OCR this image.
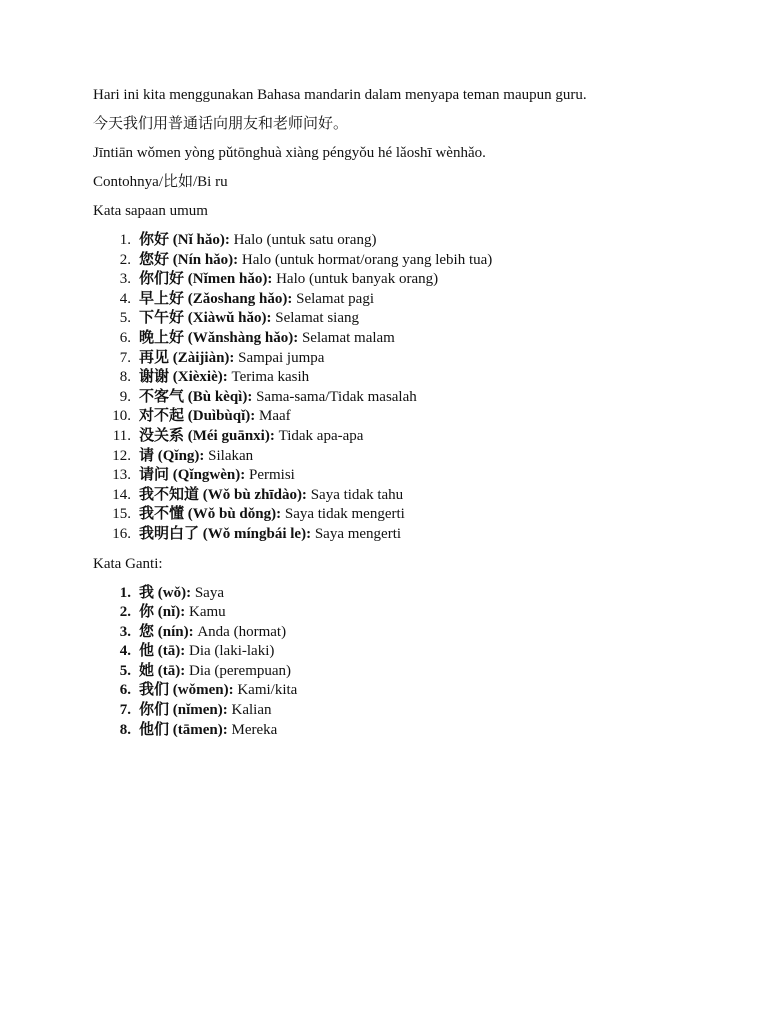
Hari ini kita menggunakan Bahasa mandarin dalam menyapa teman maupun guru.

今天我们用普通话向朋友和老师问好。

Jīntiān wǒmen yòng pǔtōnghuà xiàng péngyǒu hé lǎoshī wènhǎo.

Contohnya/比如/Bi ru

Kata sapaan umum

1. 你好 (Nǐ hǎo): Halo (untuk satu orang)
2. 您好 (Nín hǎo): Halo (untuk hormat/orang yang lebih tua)
3. 你们好 (Nǐmen hǎo): Halo (untuk banyak orang)
4. 早上好 (Zǎoshang hǎo): Selamat pagi
5. 下午好 (Xiàwǔ hǎo): Selamat siang
6. 晚上好 (Wǎnshàng hǎo): Selamat malam
7. 再见 (Zàijiàn): Sampai jumpa
8. 谢谢 (Xièxiè): Terima kasih
9. 不客气 (Bù kèqì): Sama-sama/Tidak masalah
10. 对不起 (Duìbùqǐ): Maaf
11. 没关系 (Méi guānxi): Tidak apa-apa
12. 请 (Qǐng): Silakan
13. 请问 (Qǐngwèn): Permisi
14. 我不知道 (Wǒ bù zhīdào): Saya tidak tahu
15. 我不懂 (Wǒ bù dǒng): Saya tidak mengerti
16. 我明白了 (Wǒ míngbái le): Saya mengerti

Kata Ganti:

1. 我 (wǒ): Saya
2. 你 (nǐ): Kamu
3. 您 (nín): Anda (hormat)
4. 他 (tā): Dia (laki-laki)
5. 她 (tā): Dia (perempuan)
6. 我们 (wǒmen): Kami/kita
7. 你们 (nǐmen): Kalian
8. 他们 (tāmen): Mereka
